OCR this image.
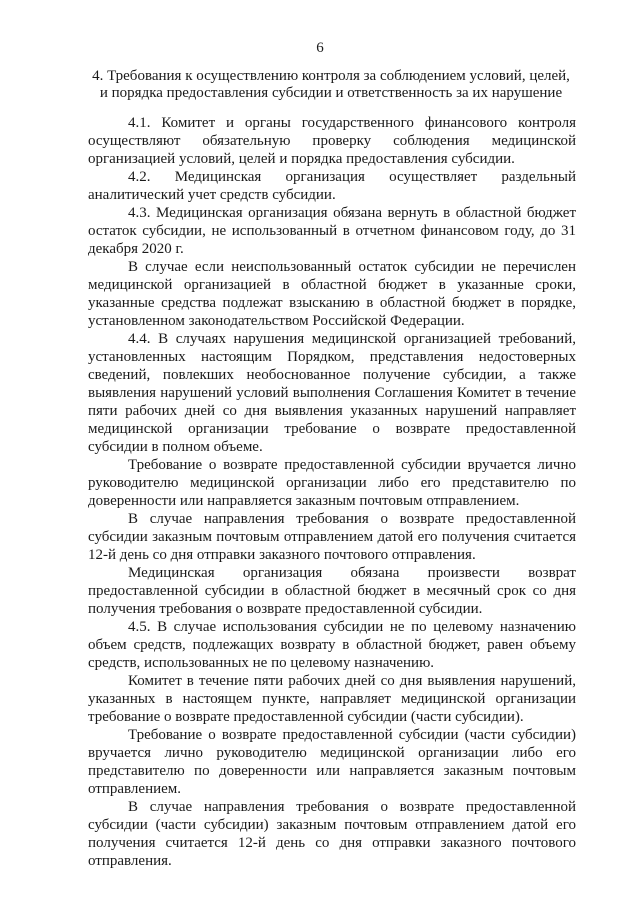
6
4. Требования к осуществлению контроля за соблюдением условий, целей,
и порядка предоставления субсидии и ответственность за их нарушение

4.1. Комитет и органы государственного финансового контроля осуществляют обязательную проверку соблюдения медицинской организацией условий, целей и порядка предоставления субсидии.

4.2. Медицинская организация осуществляет раздельный аналитический учет средств субсидии.

4.3. Медицинская организация обязана вернуть в областной бюджет остаток субсидии, не использованный в отчетном финансовом году, до 31 декабря 2020 г.

В случае если неиспользованный остаток субсидии не перечислен медицинской организацией в областной бюджет в указанные сроки, указанные средства подлежат взысканию в областной бюджет в порядке, установленном законодательством Российской Федерации.

4.4. В случаях нарушения медицинской организацией требований, установленных настоящим Порядком, представления недостоверных сведений, повлекших необоснованное получение субсидии, а также выявления нарушений условий выполнения Соглашения Комитет в течение пяти рабочих дней со дня выявления указанных нарушений направляет медицинской организации требование о возврате предоставленной субсидии в полном объеме.

Требование о возврате предоставленной субсидии вручается лично руководителю медицинской организации либо его представителю по доверенности или направляется заказным почтовым отправлением.

В случае направления требования о возврате предоставленной субсидии заказным почтовым отправлением датой его получения считается 12-й день со дня отправки заказного почтового отправления.

Медицинская организация обязана произвести возврат предоставленной субсидии в областной бюджет в месячный срок со дня получения требования о возврате предоставленной субсидии.

4.5. В случае использования субсидии не по целевому назначению объем средств, подлежащих возврату в областной бюджет, равен объему средств, использованных не по целевому назначению.

Комитет в течение пяти рабочих дней со дня выявления нарушений, указанных в настоящем пункте, направляет медицинской организации требование о возврате предоставленной субсидии (части субсидии).

Требование о возврате предоставленной субсидии (части субсидии) вручается лично руководителю медицинской организации либо его представителю по доверенности или направляется заказным почтовым отправлением.

В случае направления требования о возврате предоставленной субсидии (части субсидии) заказным почтовым отправлением датой его получения считается 12-й день со дня отправки заказного почтового отправления.
